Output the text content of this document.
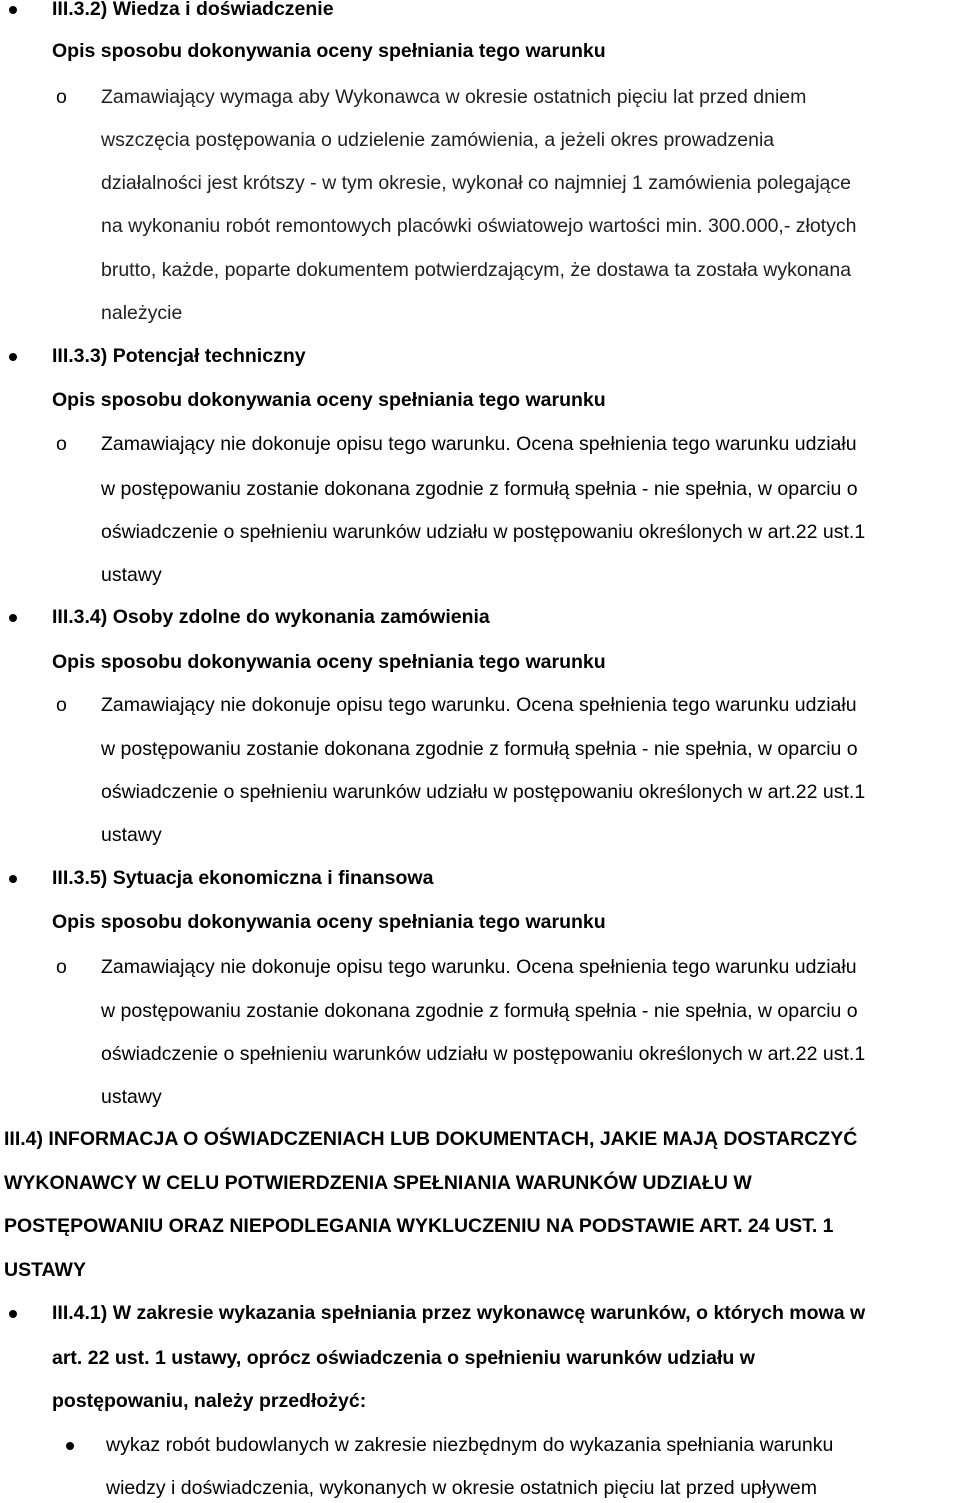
III.3.2) Wiedza i doświadczenie
Opis sposobu dokonywania oceny spełniania tego warunku
o Zamawiający wymaga aby Wykonawca w okresie ostatnich pięciu lat przed dniem
wszczęcia postępowania o udzielenie zamówienia, a jeżeli okres prowadzenia
działalności jest krótszy - w tym okresie, wykonał co najmniej 1 zamówienia polegające
na wykonaniu robót remontowych placówki oświatowejo wartości min. 300.000,- złotych
brutto, każde, poparte dokumentem potwierdzającym, że dostawa ta została wykonana
należycie
III.3.3) Potencjał techniczny
Opis sposobu dokonywania oceny spełniania tego warunku
o Zamawiający nie dokonuje opisu tego warunku. Ocena spełnienia tego warunku udziału
w postępowaniu zostanie dokonana zgodnie z formułą spełnia - nie spełnia, w oparciu o
oświadczenie o spełnieniu warunków udziału w postępowaniu określonych w art.22 ust.1
ustawy
III.3.4) Osoby zdolne do wykonania zamówienia
Opis sposobu dokonywania oceny spełniania tego warunku
o Zamawiający nie dokonuje opisu tego warunku. Ocena spełnienia tego warunku udziału
w postępowaniu zostanie dokonana zgodnie z formułą spełnia - nie spełnia, w oparciu o
oświadczenie o spełnieniu warunków udziału w postępowaniu określonych w art.22 ust.1
ustawy
III.3.5) Sytuacja ekonomiczna i finansowa
Opis sposobu dokonywania oceny spełniania tego warunku
o Zamawiający nie dokonuje opisu tego warunku. Ocena spełnienia tego warunku udziału
w postępowaniu zostanie dokonana zgodnie z formułą spełnia - nie spełnia, w oparciu o
oświadczenie o spełnieniu warunków udziału w postępowaniu określonych w art.22 ust.1
ustawy
III.4) INFORMACJA O OŚWIADCZENIACH LUB DOKUMENTACH, JAKIE MAJĄ DOSTARCZYĆ
WYKONAWCY W CELU POTWIERDZENIA SPEŁNIANIA WARUNKÓW UDZIAŁU W
POSTĘPOWANIU ORAZ NIEPODLEGANIA WYKLUCZENIU NA PODSTAWIE ART. 24 UST. 1
USTAWY
III.4.1) W zakresie wykazania spełniania przez wykonawcę warunków, o których mowa w
art. 22 ust. 1 ustawy, oprócz oświadczenia o spełnieniu warunków udziału w
postępowaniu, należy przedłożyć:
wykaz robót budowlanych w zakresie niezbędnym do wykazania spełniania warunku
wiedzy i doświadczenia, wykonanych w okresie ostatnich pięciu lat przed upływem
